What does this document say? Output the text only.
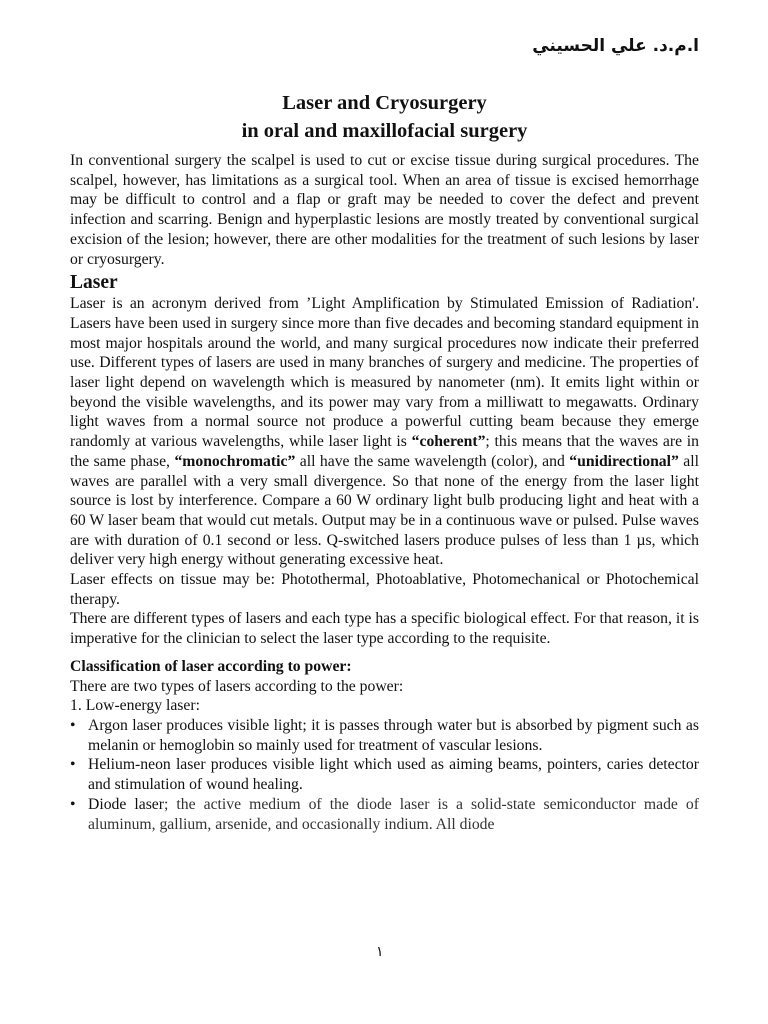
ا.م.د. علي الحسيني
Laser and Cryosurgery
in oral and maxillofacial surgery

In conventional surgery the scalpel is used to cut or excise tissue during surgical procedures. The scalpel, however, has limitations as a surgical tool. When an area of tissue is excised hemorrhage may be difficult to control and a flap or graft may be needed to cover the defect and prevent infection and scarring. Benign and hyperplastic lesions are mostly treated by conventional surgical excision of the lesion; however, there are other modalities for the treatment of such lesions by laser or cryosurgery.

Laser

Laser is an acronym derived from ’Light Amplification by Stimulated Emission of Radiation'. Lasers have been used in surgery since more than five decades and becoming standard equipment in most major hospitals around the world, and many surgical procedures now indicate their preferred use. Different types of lasers are used in many branches of surgery and medicine. The properties of laser light depend on wavelength which is measured by nanometer (nm). It emits light within or beyond the visible wavelengths, and its power may vary from a milliwatt to megawatts. Ordinary light waves from a normal source not produce a powerful cutting beam because they emerge randomly at various wavelengths, while laser light is “coherent”; this means that the waves are in the same phase, “monochromatic” all have the same wavelength (color), and “unidirectional” all waves are parallel with a very small divergence. So that none of the energy from the laser light source is lost by interference. Compare a 60 W ordinary light bulb producing light and heat with a 60 W laser beam that would cut metals. Output may be in a continuous wave or pulsed. Pulse waves are with duration of 0.1 second or less. Q-switched lasers produce pulses of less than 1 µs, which deliver very high energy without generating excessive heat.

Laser effects on tissue may be: Photothermal, Photoablative, Photomechanical or Photochemical therapy.

There are different types of lasers and each type has a specific biological effect. For that reason, it is imperative for the clinician to select the laser type according to the requisite.

Classification of laser according to power:

There are two types of lasers according to the power:

1. Low-energy laser:

• Argon laser produces visible light; it is passes through water but is absorbed by pigment such as melanin or hemoglobin so mainly used for treatment of vascular lesions.
• Helium-neon laser produces visible light which used as aiming beams, pointers, caries detector and stimulation of wound healing.
• Diode laser; the active medium of the diode laser is a solid-state semiconductor made of aluminum, gallium, arsenide, and occasionally indium. All diode
١
